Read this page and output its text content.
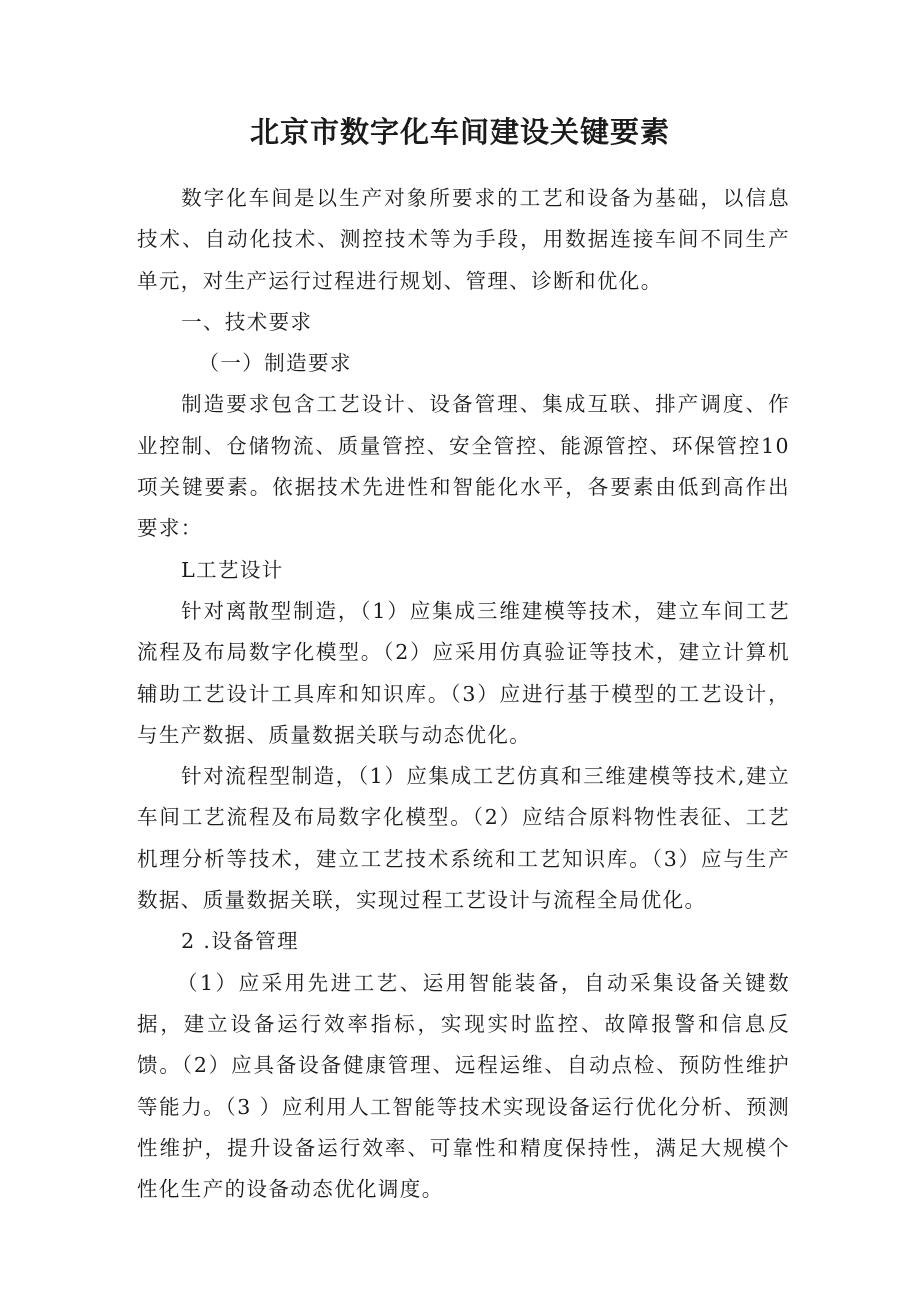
北京市数字化车间建设关键要素

数字化车间是以生产对象所要求的工艺和设备为基础，以信息技术、自动化技术、测控技术等为手段，用数据连接车间不同生产单元，对生产运行过程进行规划、管理、诊断和优化。

一、技术要求

（一）制造要求

制造要求包含工艺设计、设备管理、集成互联、排产调度、作业控制、仓储物流、质量管控、安全管控、能源管控、环保管控10项关键要素。依据技术先进性和智能化水平，各要素由低到高作出要求：

L工艺设计

针对离散型制造，（1）应集成三维建模等技术，建立车间工艺流程及布局数字化模型。（2）应采用仿真验证等技术，建立计算机辅助工艺设计工具库和知识库。（3）应进行基于模型的工艺设计，与生产数据、质量数据关联与动态优化。

针对流程型制造，（1）应集成工艺仿真和三维建模等技术,建立车间工艺流程及布局数字化模型。（2）应结合原料物性表征、工艺机理分析等技术，建立工艺技术系统和工艺知识库。（3）应与生产数据、质量数据关联，实现过程工艺设计与流程全局优化。

2 .设备管理

（1）应采用先进工艺、运用智能装备，自动采集设备关键数据，建立设备运行效率指标，实现实时监控、故障报警和信息反馈。（2）应具备设备健康管理、远程运维、自动点检、预防性维护等能力。（3 ）应利用人工智能等技术实现设备运行优化分析、预测性维护，提升设备运行效率、可靠性和精度保持性，满足大规模个性化生产的设备动态优化调度。
